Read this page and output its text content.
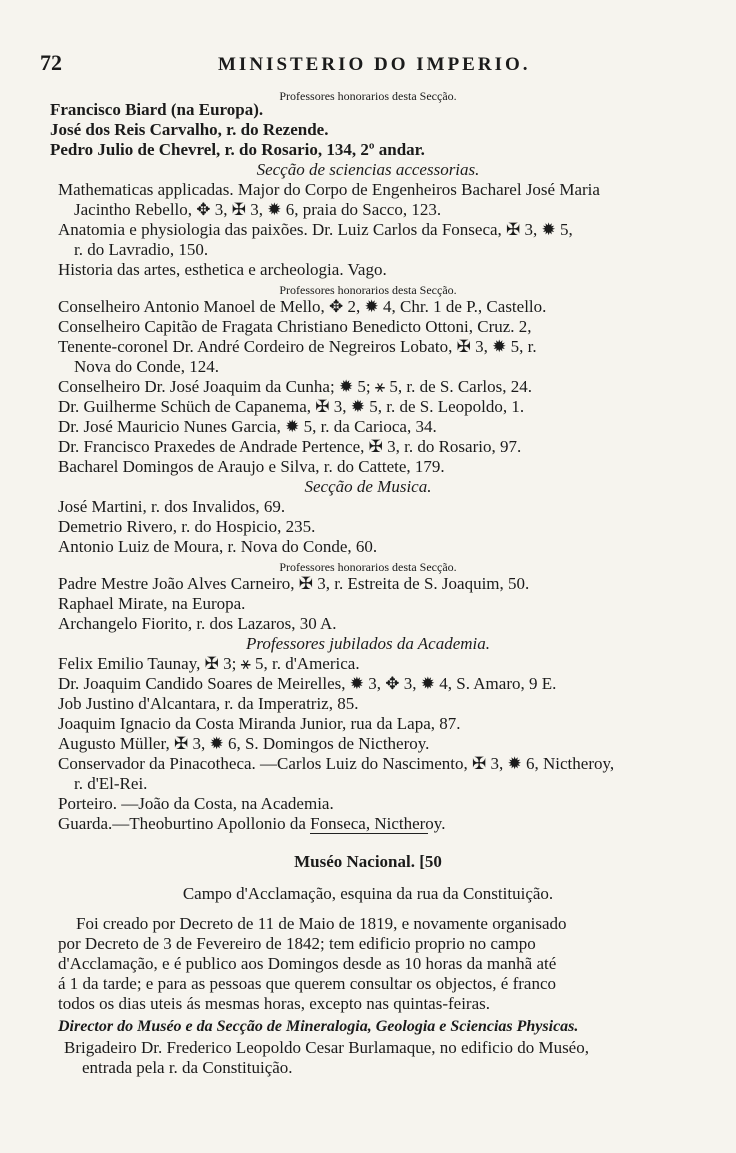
72	MINISTERIO DO IMPERIO.
Professores honorarios desta Secção.
Francisco Biard (na Europa).
José dos Reis Carvalho, r. do Rezende.
Pedro Julio de Chevrel, r. do Rosario, 134, 2º andar.
Secção de sciencias accessorias.
Mathematicas applicadas. Major do Corpo de Engenheiros Bacharel José Maria
Jacintho Rebello, ✥ 3, ✠ 3, ✹ 6, praia do Sacco, 123.
Anatomia e physiologia das paixões. Dr. Luiz Carlos da Fonseca, ✠ 3, ✹ 5,
r. do Lavradio, 150.
Historia das artes, esthetica e archeologia. Vago.
Professores honorarios desta Secção.
Conselheiro Antonio Manoel de Mello, ✥ 2, ✹ 4, Chr. 1 de P., Castello.
Conselheiro Capitão de Fragata Christiano Benedicto Ottoni, Cruz. 2,
Tenente-coronel Dr. André Cordeiro de Negreiros Lobato, ✠ 3, ✹ 5, r.
Nova do Conde, 124.
Conselheiro Dr. José Joaquim da Cunha; ✹ 5; ⚹ 5, r. de S. Carlos, 24.
Dr. Guilherme Schüch de Capanema, ✠ 3, ✹ 5, r. de S. Leopoldo, 1.
Dr. José Mauricio Nunes Garcia, ✹ 5, r. da Carioca, 34.
Dr. Francisco Praxedes de Andrade Pertence, ✠ 3, r. do Rosario, 97.
Bacharel Domingos de Araujo e Silva, r. do Cattete, 179.
Secção de Musica.
José Martini, r. dos Invalidos, 69.
Demetrio Rivero, r. do Hospicio, 235.
Antonio Luiz de Moura, r. Nova do Conde, 60.
Professores honorarios desta Secção.
Padre Mestre João Alves Carneiro, ✠ 3, r. Estreita de S. Joaquim, 50.
Raphael Mirate, na Europa.
Archangelo Fiorito, r. dos Lazaros, 30 A.
Professores jubilados da Academia.
Felix Emilio Taunay, ✠ 3; ⚹ 5, r. d'America.
Dr. Joaquim Candido Soares de Meirelles, ✹ 3, ✥ 3, ✹ 4, S. Amaro, 9 E.
Job Justino d'Alcantara, r. da Imperatriz, 85.
Joaquim Ignacio da Costa Miranda Junior, rua da Lapa, 87.
Augusto Müller, ✠ 3, ✹ 6, S. Domingos de Nictheroy.
Conservador da Pinacotheca. —Carlos Luiz do Nascimento, ✠ 3, ✹ 6, Nictheroy,
r. d'El-Rei.
Porteiro. —João da Costa, na Academia.
Guarda.—Theoburtino Apollonio da Fonseca, Nictheroy.
Muséo Nacional. [50
Campo d'Acclamação, esquina da rua da Constituição.
Foi creado por Decreto de 11 de Maio de 1819, e novamente organisado
por Decreto de 3 de Fevereiro de 1842; tem edificio proprio no campo
d'Acclamação, e é publico aos Domingos desde as 10 horas da manhã até
á 1 da tarde; e para as pessoas que querem consultar os objectos, é franco
todos os dias uteis ás mesmas horas, excepto nas quintas-feiras.
Director do Muséo e da Secção de Mineralogia, Geologia e Sciencias Physicas.
Brigadeiro Dr. Frederico Leopoldo Cesar Burlamaque, no edificio do Muséo,
entrada pela r. da Constituição.
